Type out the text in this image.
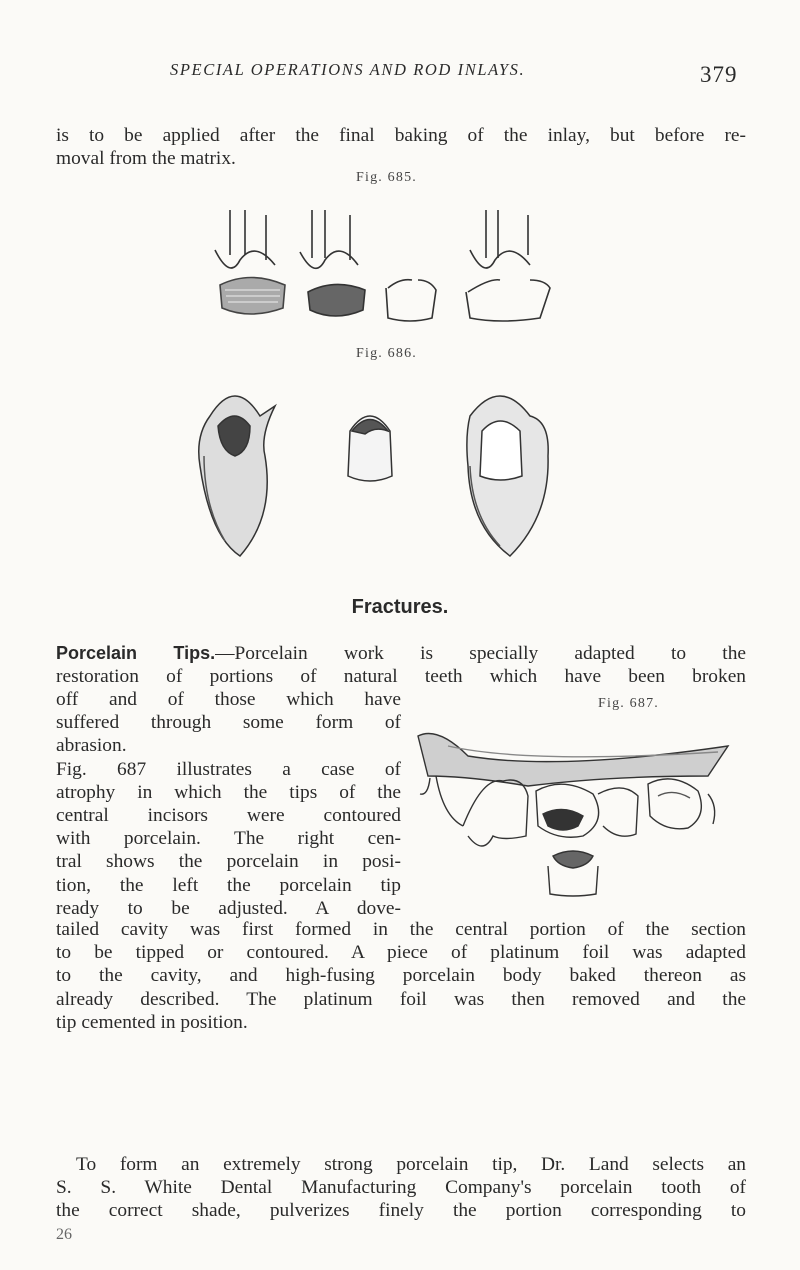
SPECIAL OPERATIONS AND ROD INLAYS.	379
is to be applied after the final baking of the inlay, but before re-
moval from the matrix.
Fig. 685.
Fig. 686.
Fractures.
Porcelain Tips.—Porcelain work is specially adapted to the
restoration of portions of natural teeth which have been broken
off and of those which have
suffered through some form of
abrasion.
Fig. 687 illustrates a case of
atrophy in which the tips of the
central incisors were contoured
with porcelain. The right cen-
tral shows the porcelain in posi-
tion, the left the porcelain tip
ready to be adjusted. A dove-
Fig. 687.
tailed cavity was first formed in the central portion of the section
to be tipped or contoured. A piece of platinum foil was adapted
to the cavity, and high-fusing porcelain body baked thereon as
already described. The platinum foil was then removed and the
tip cemented in position.
To form an extremely strong porcelain tip, Dr. Land selects an
S. S. White Dental Manufacturing Company's porcelain tooth of
the correct shade, pulverizes finely the portion corresponding to
26
